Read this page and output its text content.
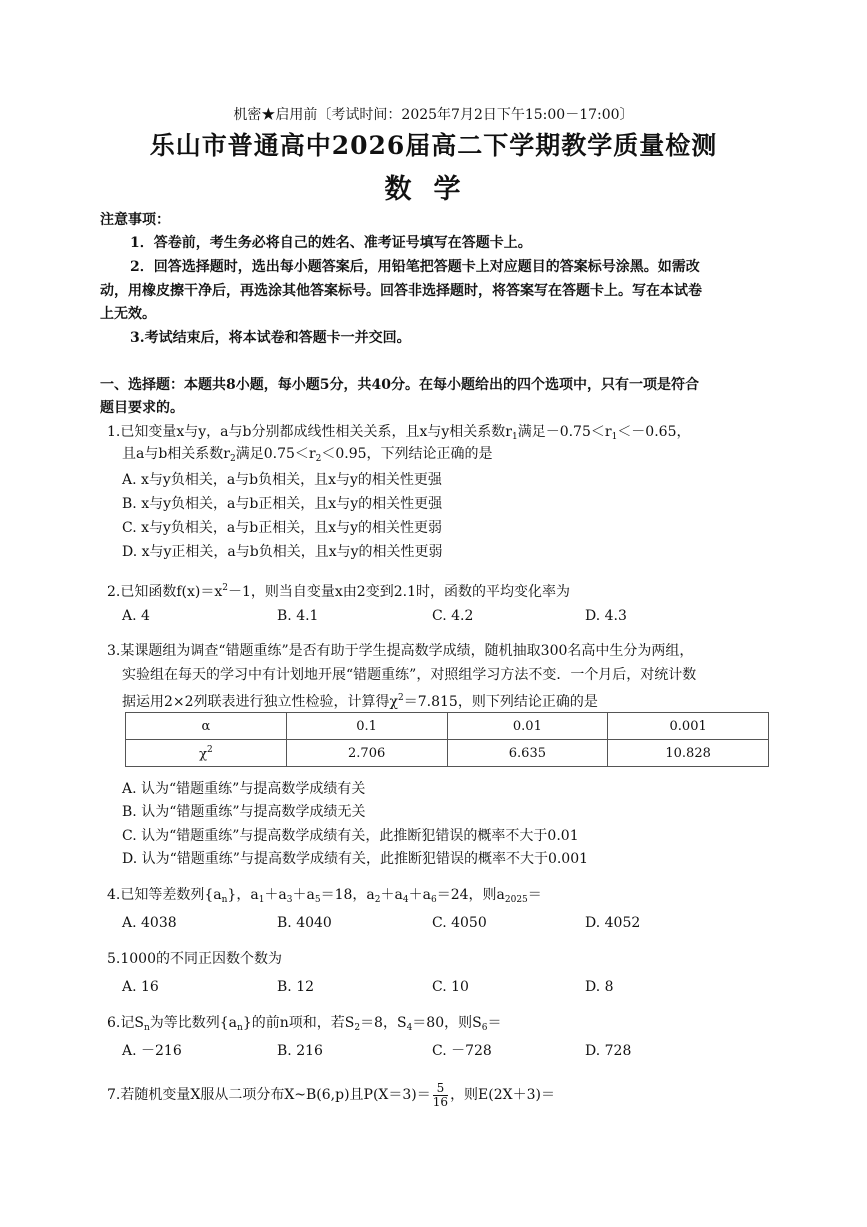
机密★启用前〔考试时间：2025年7月2日下午15:00－17:00〕
乐山市普通高中2026届高二下学期教学质量检测
数学
注意事项：
1．答卷前，考生务必将自己的姓名、准考证号填写在答题卡上。
2．回答选择题时，选出每小题答案后，用铅笔把答题卡上对应题目的答案标号涂黑。如需改
动，用橡皮擦干净后，再选涂其他答案标号。回答非选择题时，将答案写在答题卡上。写在本试卷
上无效。
3.考试结束后，将本试卷和答题卡一并交回。
一、选择题：本题共8小题，每小题5分，共40分。在每小题给出的四个选项中，只有一项是符合
题目要求的。
1.已知变量x与y，a与b分别都成线性相关关系，且x与y相关系数$r_1$满足$-0.75<r_1<-0.65$，
且a与b相关系数$r_2$满足$0.75<r_2<0.95$，下列结论正确的是
A. x与y负相关，a与b负相关，且x与y的相关性更强
B. x与y负相关，a与b正相关，且x与y的相关性更强
C. x与y负相关，a与b正相关，且x与y的相关性更弱
D. x与y正相关，a与b负相关，且x与y的相关性更弱
2.已知函数$f(x)=x^2-1$，则当自变量x由2变到2.1时，函数的平均变化率为
A. 4	B. 4.1	C. 4.2	D. 4.3
3.某课题组为调查“错题重练”是否有助于学生提高数学成绩，随机抽取300名高中生分为两组，
实验组在每天的学习中有计划地开展“错题重练”，对照组学习方法不变．一个月后，对统计数
据运用2×2列联表进行独立性检验，计算得$\chi^2=7.815$，则下列结论正确的是
α	0.1	0.01	0.001
$\chi^2$	2.706	6.635	10.828
A. 认为“错题重练”与提高数学成绩有关
B. 认为“错题重练”与提高数学成绩无关
C. 认为“错题重练”与提高数学成绩有关，此推断犯错误的概率不大于0.01
D. 认为“错题重练”与提高数学成绩有关，此推断犯错误的概率不大于0.001
4.已知等差数列$\{a_n\}$，$a_1+a_3+a_5=18$，$a_2+a_4+a_6=24$，则$a_{2025}=$
A. 4038	B. 4040	C. 4050	D. 4052
5.1000的不同正因数个数为
A. 16	B. 12	C. 10	D. 8
6.记$S_n$为等比数列$\{a_n\}$的前n项和，若$S_2=8$，$S_4=80$，则$S_6=$
A. －216	B. 216	C. －728	D. 728
7.若随机变量X服从二项分布X~B(6,p)且$P(X=3)= \frac{5}{16}$ ，则E(2X＋3)＝
